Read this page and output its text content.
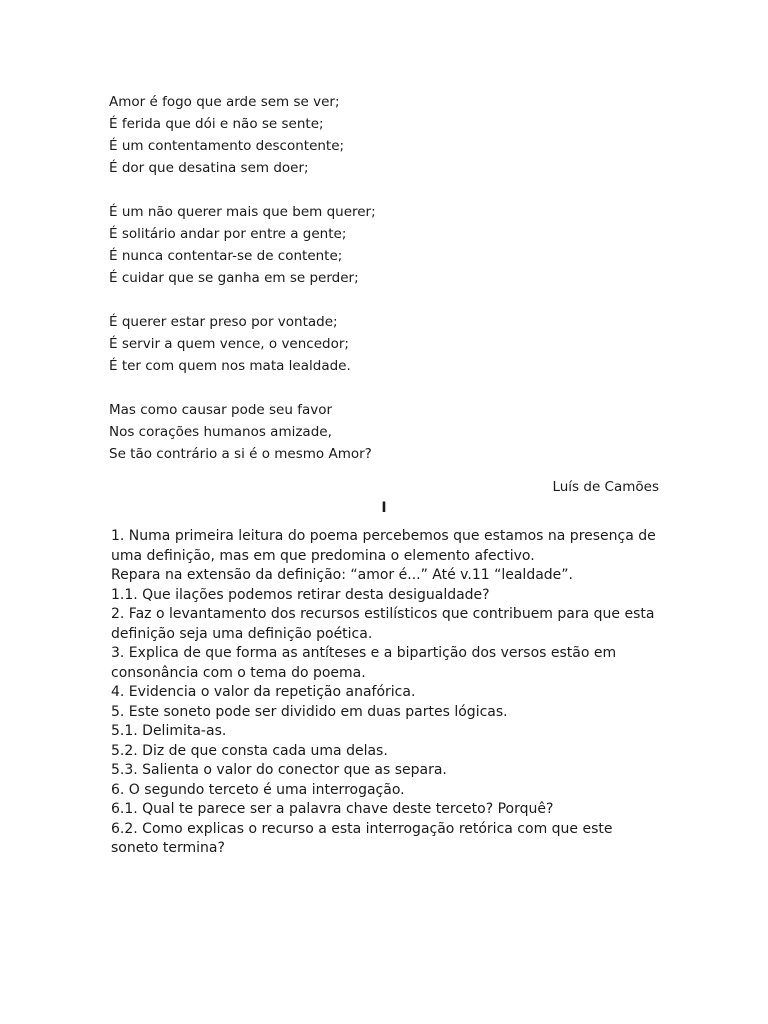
Amor é fogo que arde sem se ver;
É ferida que dói e não se sente;
É um contentamento descontente;
É dor que desatina sem doer;
É um não querer mais que bem querer;
É solitário andar por entre a gente;
É nunca contentar-se de contente;
É cuidar que se ganha em se perder;
É querer estar preso por vontade;
É servir a quem vence, o vencedor;
É ter com quem nos mata lealdade.
Mas como causar pode seu favor
Nos corações humanos amizade,
Se tão contrário a si é o mesmo Amor?
Luís de Camões
I
1. Numa primeira leitura do poema percebemos que estamos na presença de uma definição, mas em que predomina o elemento afectivo.
Repara na extensão da definição: “amor é...” Até v.11 “lealdade”.
1.1. Que ilações podemos retirar desta desigualdade?
2. Faz o levantamento dos recursos estilísticos que contribuem para que esta definição seja uma definição poética.
3. Explica de que forma as antíteses e a bipartição dos versos estão em consonância com o tema do poema.
4. Evidencia o valor da repetição anafórica.
5. Este soneto pode ser dividido em duas partes lógicas.
5.1. Delimita-as.
5.2. Diz de que consta cada uma delas.
5.3. Salienta o valor do conector que as separa.
6. O segundo terceto é uma interrogação.
6.1. Qual te parece ser a palavra chave deste terceto? Porquê?
6.2. Como explicas o recurso a esta interrogação retórica com que este soneto termina?
